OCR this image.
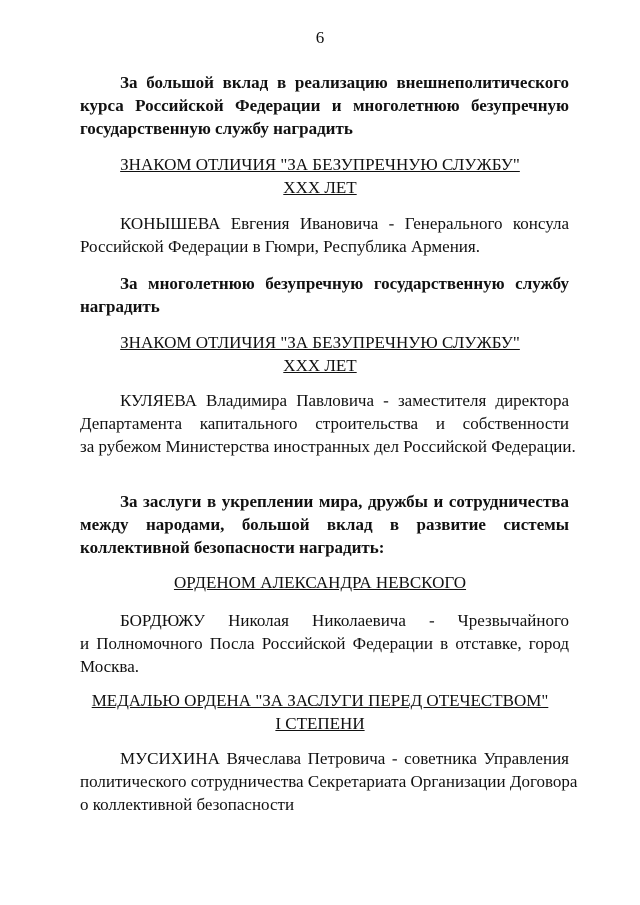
6
За большой вклад в реализацию внешнеполитического
курса Российской Федерации и многолетнюю безупречную
государственную службу наградить
ЗНАКОМ ОТЛИЧИЯ "ЗА БЕЗУПРЕЧНУЮ СЛУЖБУ"
XXX ЛЕТ
КОНЫШЕВА Евгения Ивановича - Генерального консула
Российской Федерации в Гюмри, Республика Армения.
За многолетнюю безупречную государственную службу
наградить
ЗНАКОМ ОТЛИЧИЯ "ЗА БЕЗУПРЕЧНУЮ СЛУЖБУ"
XXX ЛЕТ
КУЛЯЕВА Владимира Павловича - заместителя директора
Департамента капитального строительства и собственности
за рубежом Министерства иностранных дел Российской Федерации.
За заслуги в укреплении мира, дружбы и сотрудничества
между народами, большой вклад в развитие системы
коллективной безопасности наградить:
ОРДЕНОМ АЛЕКСАНДРА НЕВСКОГО
БОРДЮЖУ Николая Николаевича - Чрезвычайного
и Полномочного Посла Российской Федерации в отставке, город
Москва.
МЕДАЛЬЮ ОРДЕНА "ЗА ЗАСЛУГИ ПЕРЕД ОТЕЧЕСТВОМ"
I СТЕПЕНИ
МУСИХИНА Вячеслава Петровича - советника Управления
политического сотрудничества Секретариата Организации Договора
о коллективной безопасности
